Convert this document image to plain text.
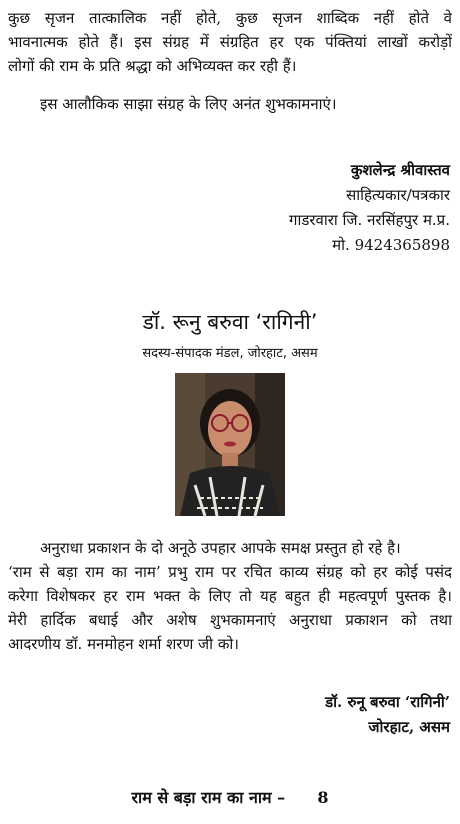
कुछ सृजन तात्कालिक नहीं होते, कुछ सृजन शाब्दिक नहीं होते वे
भावनात्मक होते हैं। इस संग्रह में संग्रहित हर एक पंक्तियां लाखों करोड़ों
लोगों की राम के प्रति श्रद्धा को अभिव्यक्त कर रही हैं।
इस आलौकिक साझा संग्रह के लिए अनंत शुभकामनाएं।
कुशलेन्द्र श्रीवास्तव
साहित्यकार/पत्रकार
गाडरवारा जि. नरसिंहपुर म.प्र.
मो. 9424365898
डॉ. रूनु बरुवा ‘रागिनी’
सदस्य-संपादक मंडल, जोरहाट, असम
अनुराधा प्रकाशन के दो अनूठे उपहार आपके समक्ष प्रस्तुत हो रहे है।
‘राम से बड़ा राम का नाम’ प्रभु राम पर रचित काव्य संग्रह को हर कोई पसंद
करेगा विशेषकर हर राम भक्त के लिए तो यह बहुत ही महत्वपूर्ण पुस्तक है।
मेरी हार्दिक बधाई और अशेष शुभकामनाएं अनुराधा प्रकाशन को तथा
आदरणीय डॉ. मनमोहन शर्मा शरण जी को।
डॉ. रुनू बरुवा ‘रागिनी’
जोरहाट, असम
राम से बड़ा राम का नाम – 8
